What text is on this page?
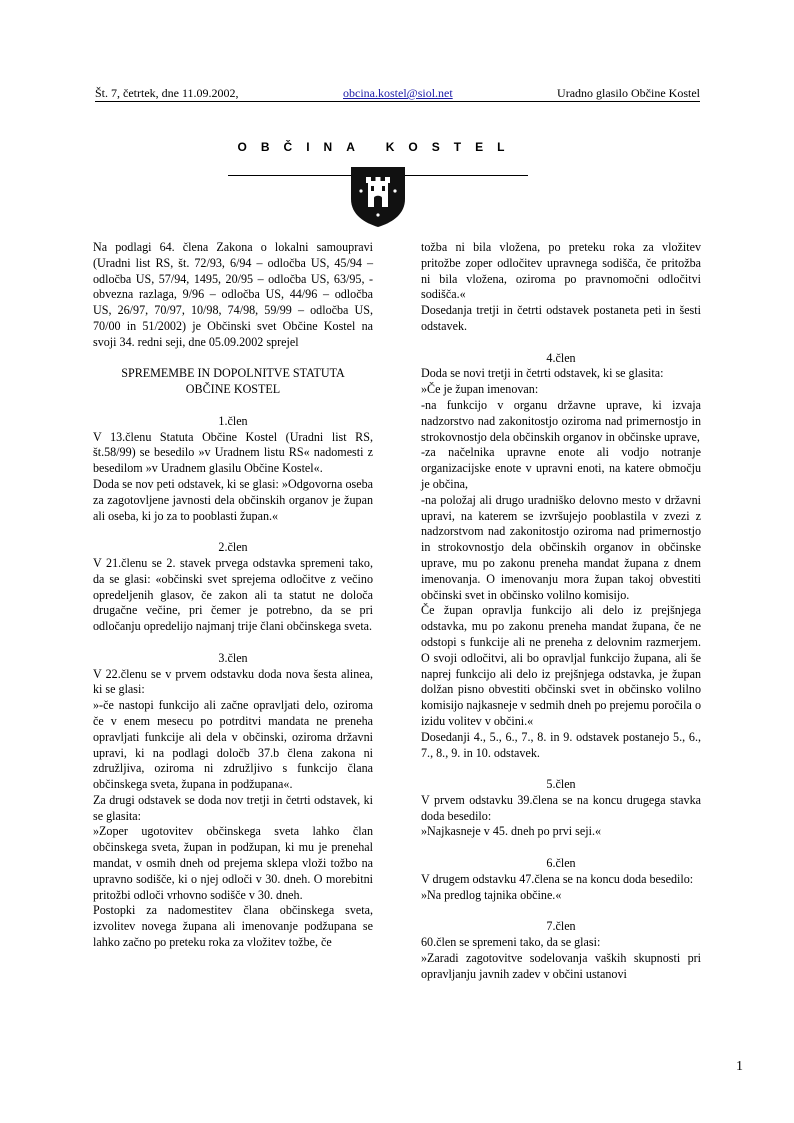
Št. 7, četrtek, dne 11.09.2002,	obcina.kostel@siol.net	Uradno glasilo Občine Kostel
OBČINA KOSTEL

Na podlagi 64. člena Zakona o lokalni samoupravi (Uradni list RS, št. 72/93, 6/94 – odločba US, 45/94 – odločba US, 57/94, 1495, 20/95 – odločba US, 63/95, - obvezna razlaga, 9/96 – odločba US, 44/96 – odločba US, 26/97, 70/97, 10/98, 74/98, 59/99 – odločba US, 70/00 in 51/2002) je Občinski svet Občine Kostel na svoji 34. redni seji, dne 05.09.2002 sprejel

SPREMEMBE IN DOPOLNITVE STATUTA

OBČINE KOSTEL

1.člen

V 13.členu Statuta Občine Kostel (Uradni list RS, št.58/99) se besedilo »v Uradnem listu RS« nadomesti z besedilom »v Uradnem glasilu Občine Kostel«.

Doda se nov peti odstavek, ki se glasi: »Odgovorna oseba za zagotovljene javnosti dela občinskih organov je župan ali oseba, ki jo za to pooblasti župan.«

2.člen

V 21.členu se 2. stavek prvega odstavka spremeni tako, da se glasi: «občinski svet sprejema odločitve z večino opredeljenih glasov, če zakon ali ta statut ne določa drugačne večine, pri čemer je potrebno, da se pri odločanju opredelijo najmanj trije člani občinskega sveta.

3.člen

V 22.členu se v prvem odstavku doda nova šesta alinea, ki se glasi:

»-če nastopi funkcijo ali začne opravljati delo, oziroma če v enem mesecu po potrditvi mandata ne preneha opravljati funkcije ali dela v občinski, oziroma državni upravi, ki na podlagi določb 37.b člena zakona ni združljiva, oziroma ni združljivo s funkcijo člana občinskega sveta, župana in podžupana«.

Za drugi odstavek se doda nov tretji in četrti odstavek, ki se glasita:

»Zoper ugotovitev občinskega sveta lahko član občinskega sveta, župan in podžupan, ki mu je prenehal mandat, v osmih dneh od prejema sklepa vloži tožbo na upravno sodišče, ki o njej odloči v 30. dneh. O morebitni pritožbi odloči vrhovno sodišče v 30. dneh.

Postopki za nadomestitev člana občinskega sveta, izvolitev novega župana ali imenovanje podžupana se lahko začno po preteku roka za vložitev tožbe, če

tožba ni bila vložena, po preteku roka za vložitev pritožbe zoper odločitev upravnega sodišča, če pritožba ni bila vložena, oziroma po pravnomočni odločitvi sodišča.«

Dosedanja tretji in četrti odstavek postaneta peti in šesti odstavek.

4.člen

Doda se novi tretji in četrti odstavek, ki se glasita:

»Če je župan imenovan:

-na funkcijo v organu državne uprave, ki izvaja nadzorstvo nad zakonitostjo oziroma nad primernostjo in strokovnostjo dela občinskih organov in občinske uprave,

-za načelnika upravne enote ali vodjo notranje organizacijske enote v upravni enoti, na katere območju je občina,

-na položaj ali drugo uradniško delovno mesto v državni upravi, na katerem se izvršujejo pooblastila v zvezi z nadzorstvom nad zakonitostjo oziroma nad primernostjo in strokovnostjo dela občinskih organov in občinske uprave, mu po zakonu preneha mandat župana z dnem imenovanja. O imenovanju mora župan takoj obvestiti občinski svet in občinsko volilno komisijo.

Če župan opravlja funkcijo ali delo iz prejšnjega odstavka, mu po zakonu preneha mandat župana, če ne odstopi s funkcije ali ne preneha z delovnim razmerjem. O svoji odločitvi, ali bo opravljal funkcijo župana, ali še naprej funkcijo ali delo iz prejšnjega odstavka, je župan dolžan pisno obvestiti občinski svet in občinsko volilno komisijo najkasneje v sedmih dneh po prejemu poročila o izidu volitev v občini.«

Dosedanji 4., 5., 6., 7., 8. in 9. odstavek postanejo 5., 6., 7., 8., 9. in 10. odstavek.

5.člen

V prvem odstavku 39.člena se na koncu drugega stavka doda besedilo:

»Najkasneje v 45. dneh po prvi seji.«

6.člen

V drugem odstavku 47.člena se na koncu doda besedilo:

»Na predlog tajnika občine.«

7.člen

60.člen se spremeni tako, da se glasi:

»Zaradi zagotovitve sodelovanja vaških skupnosti pri opravljanju javnih zadev v občini ustanovi

1
